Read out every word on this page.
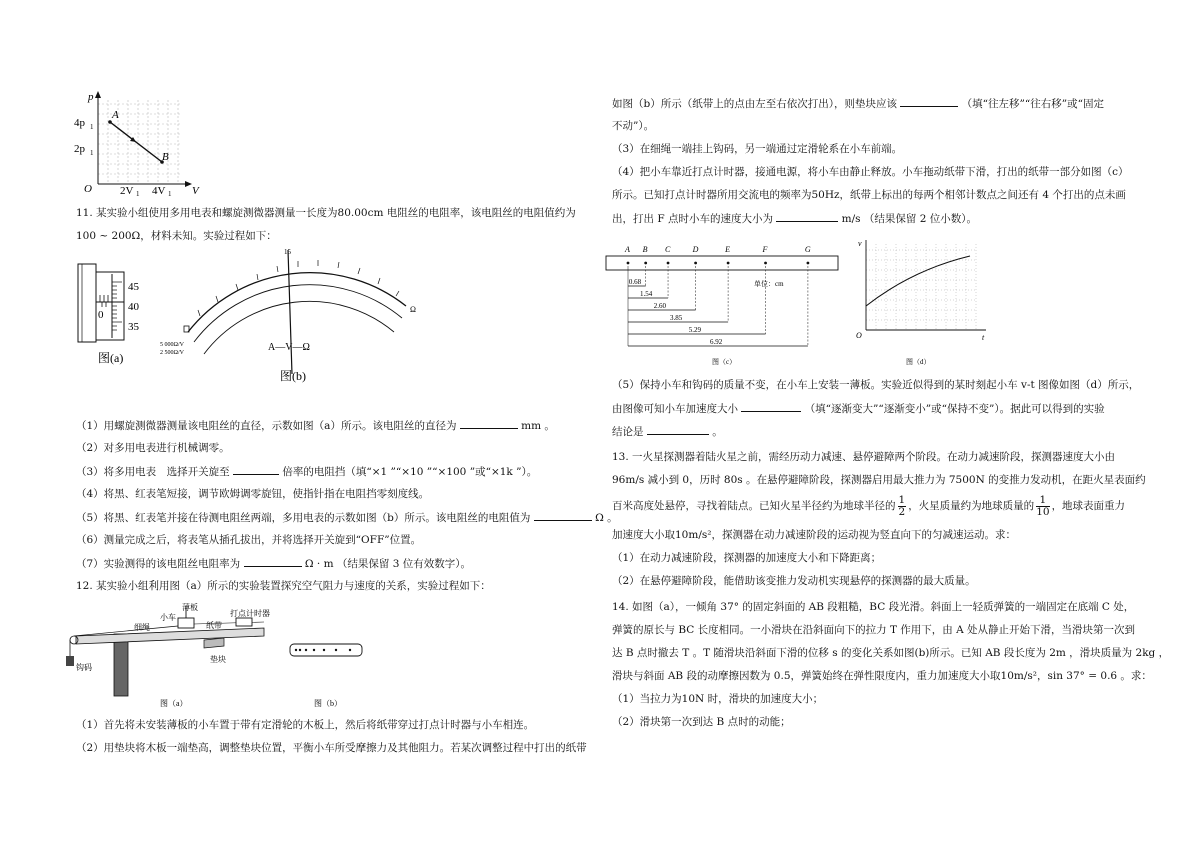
p
V
O
4p 1
2p 1
2V 1 4V 1
A
B
11. 某实验小组使用多用电表和螺旋测微器测量一长度为80.00cm 电阻丝的电阻率，该电阻丝的电阻值约为
100 ~ 200Ω，材料未知。实验过程如下：
45
40
35
0
图(a)
15
Ω
5 000Ω/V
2 500Ω/V	A—V—Ω
图(b)
（1）用螺旋测微器测量该电阻丝的直径，示数如图（a）所示。该电阻丝的直径为	mm 。
（2）对多用电表进行机械调零。
（3）将多用电表　选择开关旋至	倍率的电阻挡（填“×1 ”“×10 ”“×100 ”或“×1k ”）。
（4）将黑、红表笔短接，调节欧姆调零旋钮，使指针指在电阻挡零刻度线。
（5）将黑、红表笔并接在待测电阻丝两端，多用电表的示数如图（b）所示。该电阻丝的电阻值为	Ω 。
（6）测量完成之后，将表笔从插孔拔出，并将选择开关旋到“OFF”位置。
（7）实验测得的该电阻丝电阻率为	Ω · m （结果保留 3 位有效数字）。
12. 某实验小组利用图（a）所示的实验装置探究空气阻力与速度的关系，实验过程如下：
薄板
小车
细绳	纸带
打点计时器
垫块
钩码
图（a）	图（b）
（1）首先将未安装薄板的小车置于带有定滑轮的木板上，然后将纸带穿过打点计时器与小车相连。
（2）用垫块将木板一端垫高，调整垫块位置，平衡小车所受摩擦力及其他阻力。若某次调整过程中打出的纸带
如图（b）所示（纸带上的点由左至右依次打出），则垫块应该	（填“往左移”“往右移”或“固定
不动”）。
（3）在细绳一端挂上钩码，另一端通过定滑轮系在小车前端。
（4）把小车靠近打点计时器，接通电源，将小车由静止释放。小车拖动纸带下滑，打出的纸带一部分如图（c）
所示。已知打点计时器所用交流电的频率为50Hz，纸带上标出的每两个相邻计数点之间还有 4 个打出的点未画
出，打出 F 点时小车的速度大小为	m/s （结果保留 2 位小数）。
A B C	D	E	F	G
0.68
1.54
2.60
3.85
5.29
6.92
单位：cm
图（c）
v
t
O
图（d）
（5）保持小车和钩码的质量不变，在小车上安装一薄板。实验近似得到的某时刻起小车 v-t 图像如图（d）所示，
由图像可知小车加速度大小	（填“逐渐变大”“逐渐变小”或“保持不变”）。据此可以得到的实验
结论是	。
13. 一火星探测器着陆火星之前，需经历动力减速、悬停避障两个阶段。在动力减速阶段，探测器速度大小由
96m/s 减小到 0，历时 80s 。在悬停避障阶段，探测器启用最大推力为 7500N 的变推力发动机，在距火星表面约
百米高度处悬停，寻找着陆点。已知火星半径约为地球半径的 $\frac{1}{2}$ ，火星质量约为地球质量的 $\frac{1}{10}$ ，地球表面重力
加速度大小取10m/s²，探测器在动力减速阶段的运动视为竖直向下的匀减速运动。求：
（1）在动力减速阶段，探测器的加速度大小和下降距离；
（2）在悬停避障阶段，能借助该变推力发动机实现悬停的探测器的最大质量。
14. 如图（a），一倾角 37° 的固定斜面的 AB 段粗糙，BC 段光滑。斜面上一轻质弹簧的一端固定在底端 C 处，
弹簧的原长与 BC 长度相同。一小滑块在沿斜面向下的拉力 T 作用下，由 A 处从静止开始下滑，当滑块第一次到
达 B 点时撤去 T 。T 随滑块沿斜面下滑的位移 s 的变化关系如图(b)所示。已知 AB 段长度为 2m ，滑块质量为 2kg ，
滑块与斜面 AB 段的动摩擦因数为 0.5，弹簧始终在弹性限度内，重力加速度大小取10m/s²，sin 37° = 0.6 。求：
（1）当拉力为10N 时，滑块的加速度大小；
（2）滑块第一次到达 B 点时的动能；
